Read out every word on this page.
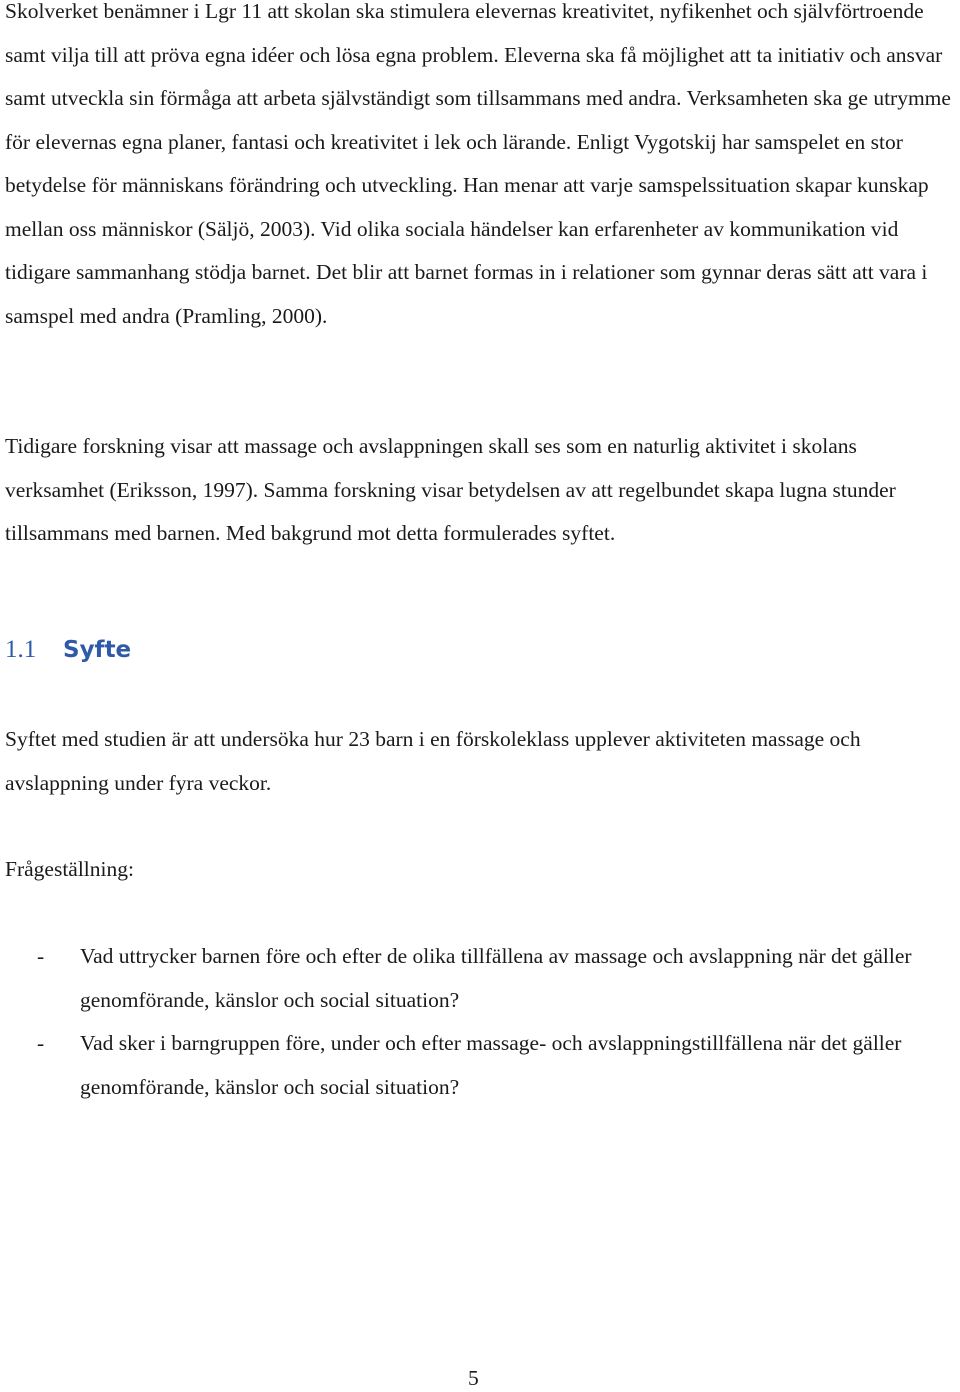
Skolverket benämner i Lgr 11 att skolan ska stimulera elevernas kreativitet, nyfikenhet och självförtroende samt vilja till att pröva egna idéer och lösa egna problem. Eleverna ska få möjlighet att ta initiativ och ansvar samt utveckla sin förmåga att arbeta självständigt som tillsammans med andra. Verksamheten ska ge utrymme för elevernas egna planer, fantasi och kreativitet i lek och lärande. Enligt Vygotskij har samspelet en stor betydelse för människans förändring och utveckling. Han menar att varje samspelssituation skapar kunskap mellan oss människor (Säljö, 2003). Vid olika sociala händelser kan erfarenheter av kommunikation vid tidigare sammanhang stödja barnet. Det blir att barnet formas in i relationer som gynnar deras sätt att vara i samspel med andra (Pramling, 2000).

Tidigare forskning visar att massage och avslappningen skall ses som en naturlig aktivitet i skolans verksamhet (Eriksson, 1997). Samma forskning visar betydelsen av att regelbundet skapa lugna stunder tillsammans med barnen. Med bakgrund mot detta formulerades syftet.

1.1 Syfte

Syftet med studien är att undersöka hur 23 barn i en förskoleklass upplever aktiviteten massage och avslappning under fyra veckor.

Frågeställning:

- Vad uttrycker barnen före och efter de olika tillfällena av massage och avslappning när det gäller genomförande, känslor och social situation?
- Vad sker i barngruppen före, under och efter massage- och avslappningstillfällena när det gäller genomförande, känslor och social situation?

5
